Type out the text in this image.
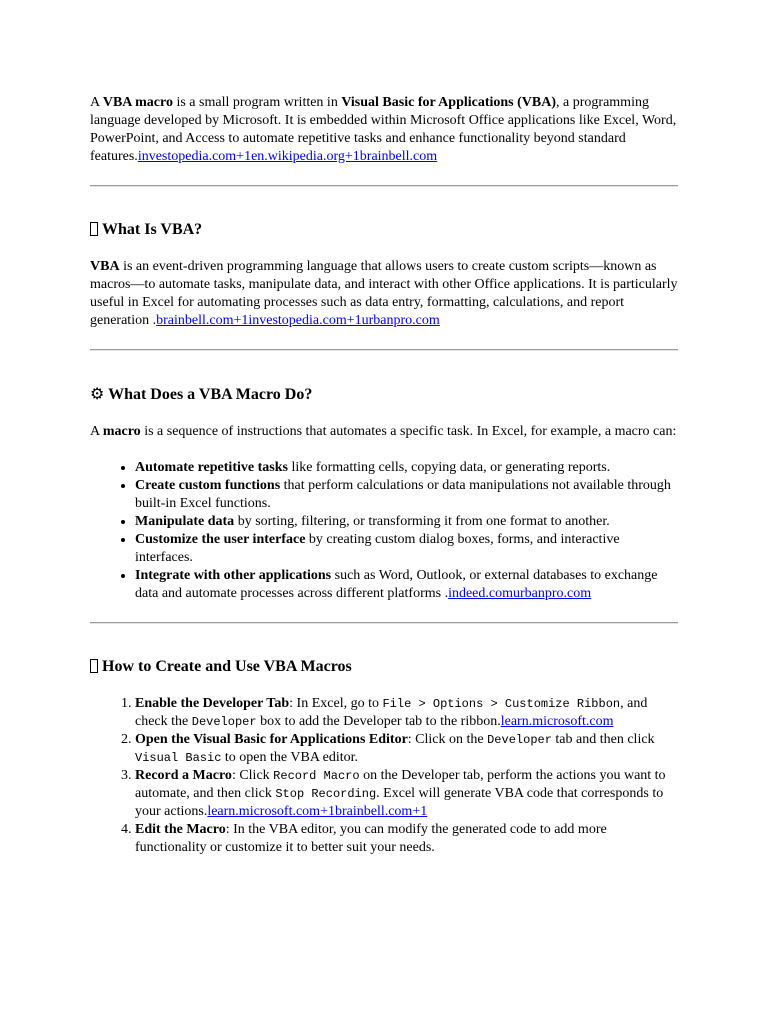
A VBA macro is a small program written in Visual Basic for Applications (VBA), a programming language developed by Microsoft. It is embedded within Microsoft Office applications like Excel, Word, PowerPoint, and Access to automate repetitive tasks and enhance functionality beyond standard features.investopedia.com+1en.wikipedia.org+1brainbell.com

What Is VBA?

VBA is an event-driven programming language that allows users to create custom scripts—known as macros—to automate tasks, manipulate data, and interact with other Office applications. It is particularly useful in Excel for automating processes such as data entry, formatting, calculations, and report generation .brainbell.com+1investopedia.com+1urbanpro.com

⚙ What Does a VBA Macro Do?

A macro is a sequence of instructions that automates a specific task. In Excel, for example, a macro can:

• Automate repetitive tasks like formatting cells, copying data, or generating reports.
• Create custom functions that perform calculations or data manipulations not available through built-in Excel functions.
• Manipulate data by sorting, filtering, or transforming it from one format to another.
• Customize the user interface by creating custom dialog boxes, forms, and interactive interfaces.
• Integrate with other applications such as Word, Outlook, or external databases to exchange data and automate processes across different platforms .indeed.comurbanpro.com
How to Create and Use VBA Macros
1. Enable the Developer Tab: In Excel, go to File > Options > Customize Ribbon, and check the Developer box to add the Developer tab to the ribbon.learn.microsoft.com
2. Open the Visual Basic for Applications Editor: Click on the Developer tab and then click Visual Basic to open the VBA editor.
3. Record a Macro: Click Record Macro on the Developer tab, perform the actions you want to automate, and then click Stop Recording. Excel will generate VBA code that corresponds to your actions.learn.microsoft.com+1brainbell.com+1
4. Edit the Macro: In the VBA editor, you can modify the generated code to add more functionality or customize it to better suit your needs.
